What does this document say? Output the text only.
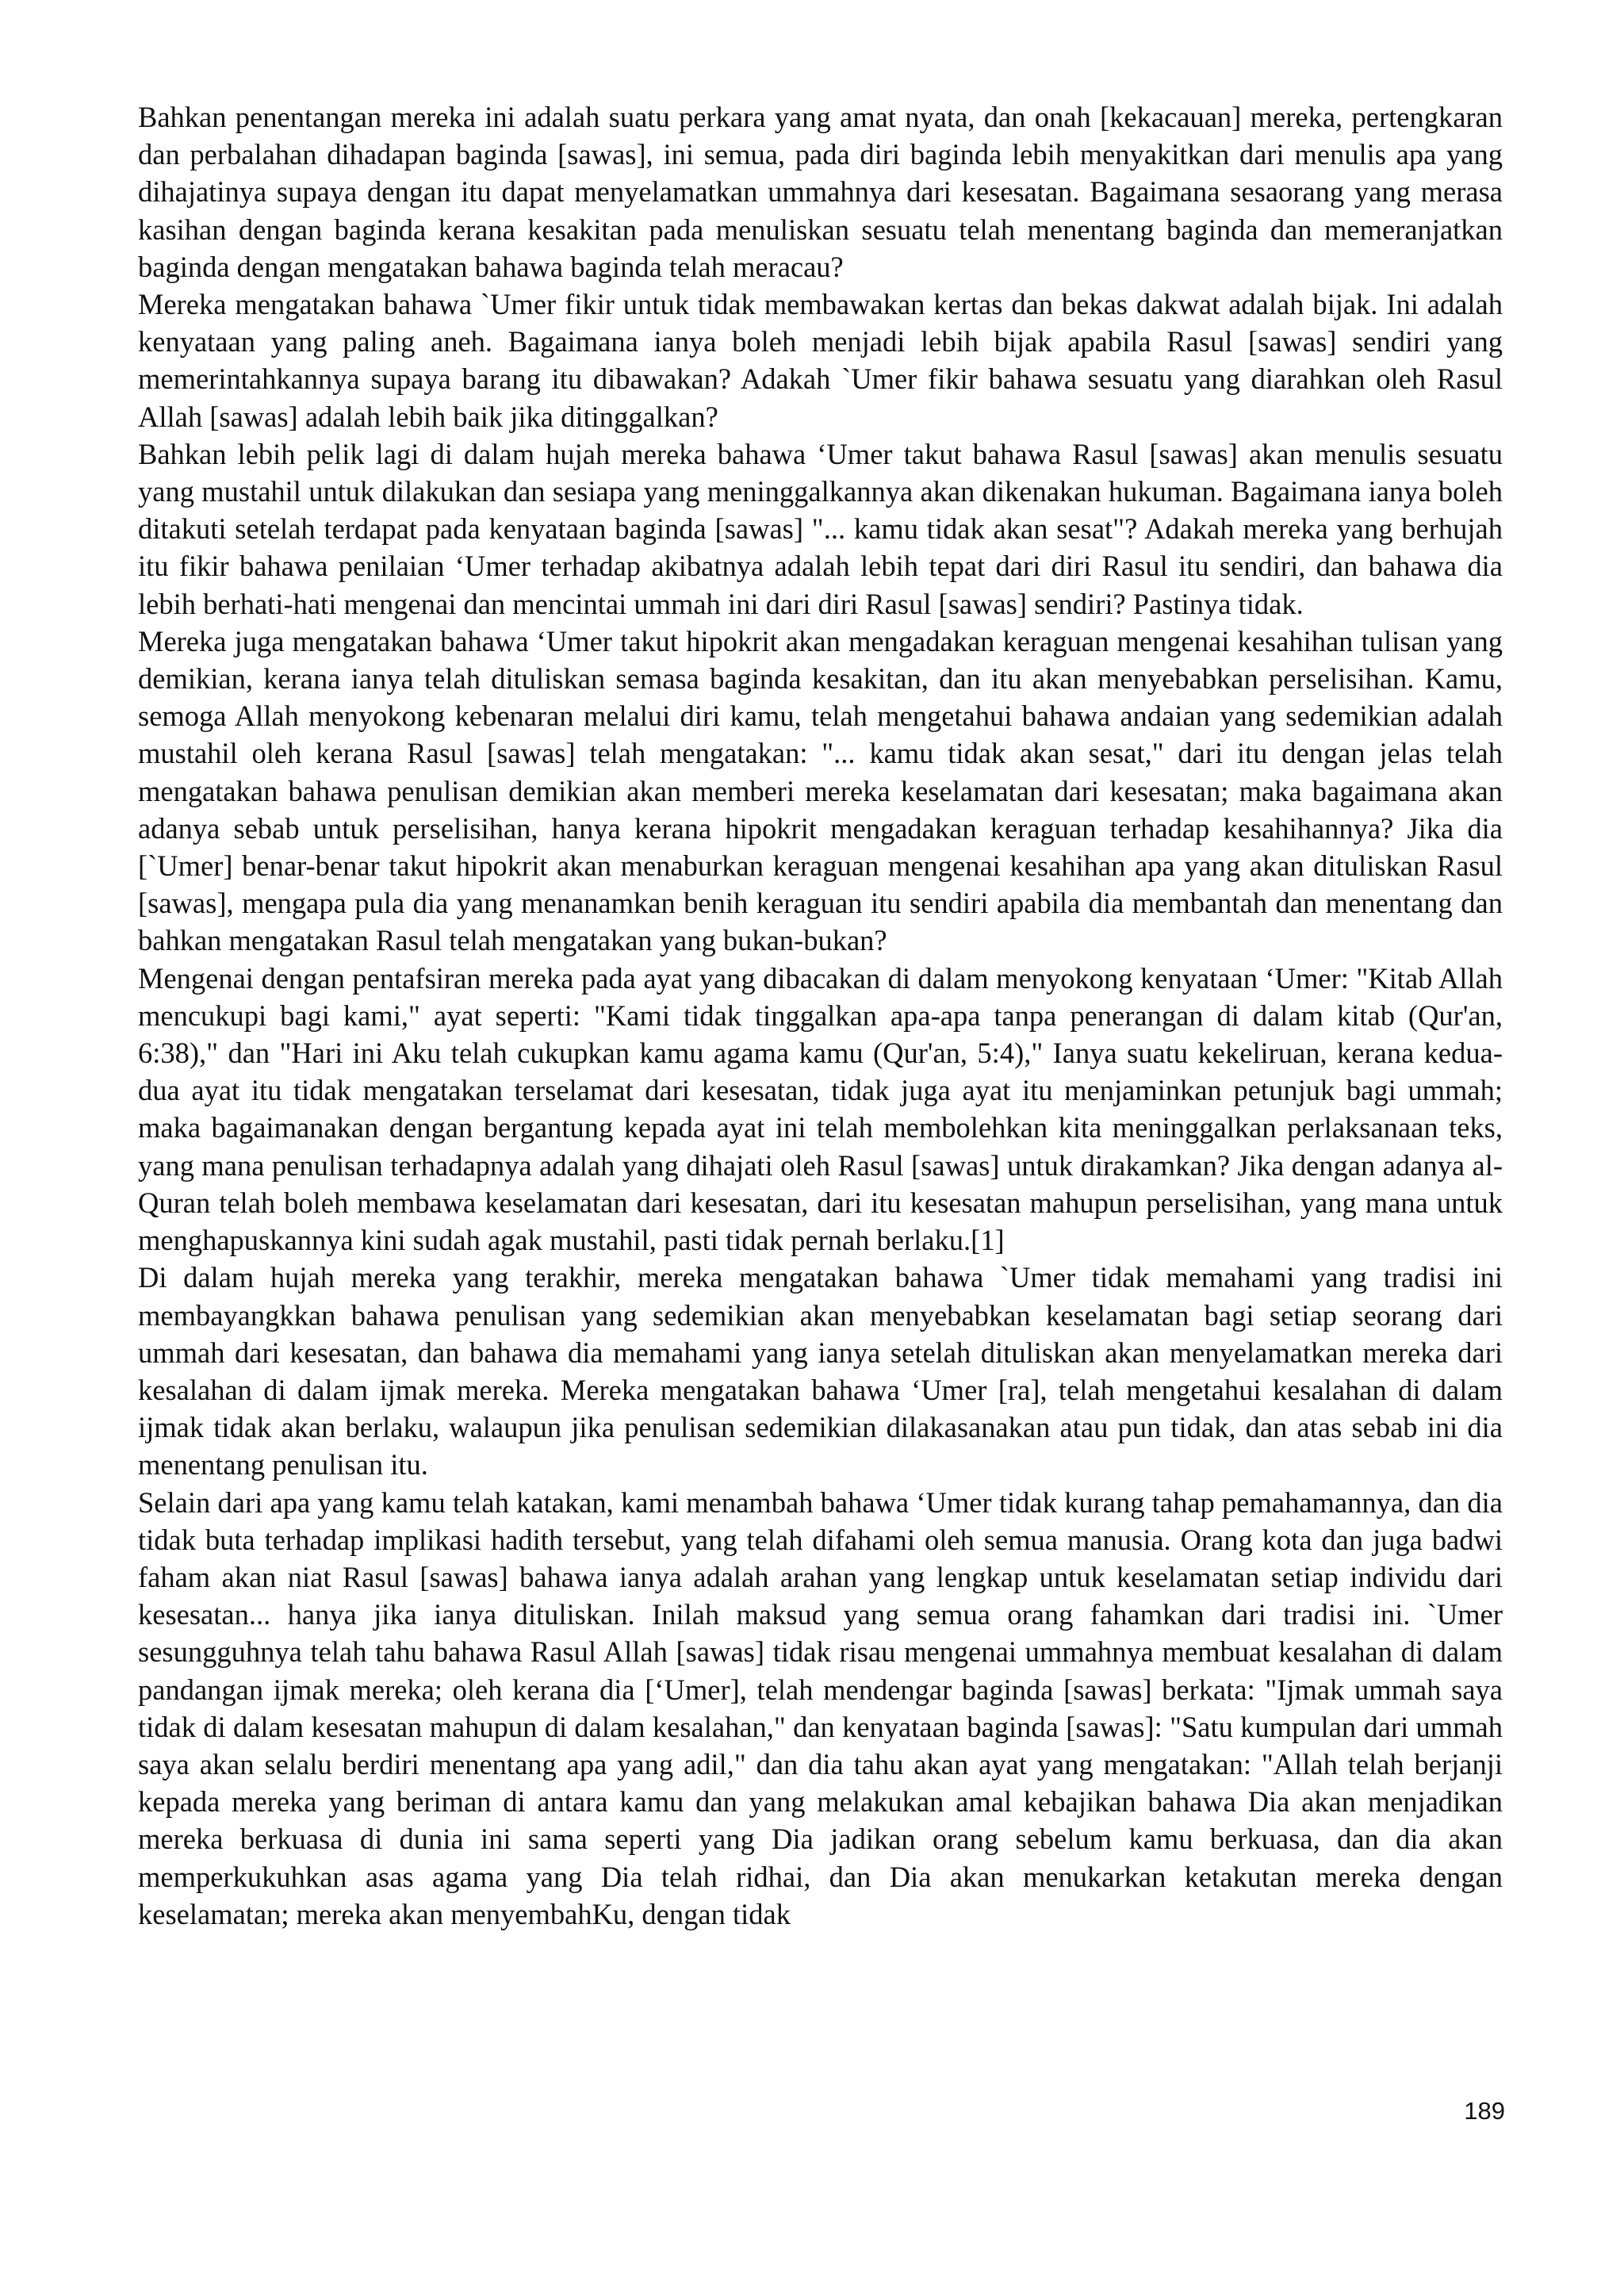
Bahkan penentangan mereka ini adalah suatu perkara yang amat nyata, dan onah [kekacauan] mereka, pertengkaran dan perbalahan dihadapan baginda [sawas], ini semua, pada diri baginda lebih menyakitkan dari menulis apa yang dihajatinya supaya dengan itu dapat menyelamatkan ummahnya dari kesesatan. Bagaimana sesaorang yang merasa kasihan dengan baginda kerana kesakitan pada menuliskan sesuatu telah menentang baginda dan memeranjatkan baginda dengan mengatakan bahawa baginda telah meracau?

Mereka mengatakan bahawa `Umer fikir untuk tidak membawakan kertas dan bekas dakwat adalah bijak. Ini adalah kenyataan yang paling aneh. Bagaimana ianya boleh menjadi lebih bijak apabila Rasul [sawas] sendiri yang memerintahkannya supaya barang itu dibawakan? Adakah `Umer fikir bahawa sesuatu yang diarahkan oleh Rasul Allah [sawas] adalah lebih baik jika ditinggalkan?

Bahkan lebih pelik lagi di dalam hujah mereka bahawa ‘Umer takut bahawa Rasul [sawas] akan menulis sesuatu yang mustahil untuk dilakukan dan sesiapa yang meninggalkannya akan dikenakan hukuman. Bagaimana ianya boleh ditakuti setelah terdapat pada kenyataan baginda [sawas] "... kamu tidak akan sesat"? Adakah mereka yang berhujah itu fikir bahawa penilaian ‘Umer terhadap akibatnya adalah lebih tepat dari diri Rasul itu sendiri, dan bahawa dia lebih berhati-hati mengenai dan mencintai ummah ini dari diri Rasul [sawas] sendiri? Pastinya tidak.

Mereka juga mengatakan bahawa ‘Umer takut hipokrit akan mengadakan keraguan mengenai kesahihan tulisan yang demikian, kerana ianya telah dituliskan semasa baginda kesakitan, dan itu akan menyebabkan perselisihan. Kamu, semoga Allah menyokong kebenaran melalui diri kamu, telah mengetahui bahawa andaian yang sedemikian adalah mustahil oleh kerana Rasul [sawas] telah mengatakan: "... kamu tidak akan sesat," dari itu dengan jelas telah mengatakan bahawa penulisan demikian akan memberi mereka keselamatan dari kesesatan; maka bagaimana akan adanya sebab untuk perselisihan, hanya kerana hipokrit mengadakan keraguan terhadap kesahihannya? Jika dia [`Umer] benar-benar takut hipokrit akan menaburkan keraguan mengenai kesahihan apa yang akan dituliskan Rasul [sawas], mengapa pula dia yang menanamkan benih keraguan itu sendiri apabila dia membantah dan menentang dan bahkan mengatakan Rasul telah mengatakan yang bukan-bukan?

Mengenai dengan pentafsiran mereka pada ayat yang dibacakan di dalam menyokong kenyataan ‘Umer: "Kitab Allah mencukupi bagi kami," ayat seperti: "Kami tidak tinggalkan apa-apa tanpa penerangan di dalam kitab (Qur'an, 6:38)," dan "Hari ini Aku telah cukupkan kamu agama kamu (Qur'an, 5:4)," Ianya suatu kekeliruan, kerana kedua-dua ayat itu tidak mengatakan terselamat dari kesesatan, tidak juga ayat itu menjaminkan petunjuk bagi ummah; maka bagaimanakan dengan bergantung kepada ayat ini telah membolehkan kita meninggalkan perlaksanaan teks, yang mana penulisan terhadapnya adalah yang dihajati oleh Rasul [sawas] untuk dirakamkan? Jika dengan adanya al-Quran telah boleh membawa keselamatan dari kesesatan, dari itu kesesatan mahupun perselisihan, yang mana untuk menghapuskannya kini sudah agak mustahil, pasti tidak pernah berlaku.[1]

Di dalam hujah mereka yang terakhir, mereka mengatakan bahawa `Umer tidak memahami yang tradisi ini membayangkkan bahawa penulisan yang sedemikian akan menyebabkan keselamatan bagi setiap seorang dari ummah dari kesesatan, dan bahawa dia memahami yang ianya setelah dituliskan akan menyelamatkan mereka dari kesalahan di dalam ijmak mereka. Mereka mengatakan bahawa ‘Umer [ra], telah mengetahui kesalahan di dalam ijmak tidak akan berlaku, walaupun jika penulisan sedemikian dilakasanakan atau pun tidak, dan atas sebab ini dia menentang penulisan itu.

Selain dari apa yang kamu telah katakan, kami menambah bahawa ‘Umer tidak kurang tahap pemahamannya, dan dia tidak buta terhadap implikasi hadith tersebut, yang telah difahami oleh semua manusia. Orang kota dan juga badwi faham akan niat Rasul [sawas] bahawa ianya adalah arahan yang lengkap untuk keselamatan setiap individu dari kesesatan... hanya jika ianya dituliskan. Inilah maksud yang semua orang fahamkan dari tradisi ini. `Umer sesungguhnya telah tahu bahawa Rasul Allah [sawas] tidak risau mengenai ummahnya membuat kesalahan di dalam pandangan ijmak mereka; oleh kerana dia [‘Umer], telah mendengar baginda [sawas] berkata: "Ijmak ummah saya tidak di dalam kesesatan mahupun di dalam kesalahan," dan kenyataan baginda [sawas]: "Satu kumpulan dari ummah saya akan selalu berdiri menentang apa yang adil," dan dia tahu akan ayat yang mengatakan: "Allah telah berjanji kepada mereka yang beriman di antara kamu dan yang melakukan amal kebajikan bahawa Dia akan menjadikan mereka berkuasa di dunia ini sama seperti yang Dia jadikan orang sebelum kamu berkuasa, dan dia akan memperkukuhkan asas agama yang Dia telah ridhai, dan Dia akan menukarkan ketakutan mereka dengan keselamatan; mereka akan menyembahKu, dengan tidak

189
